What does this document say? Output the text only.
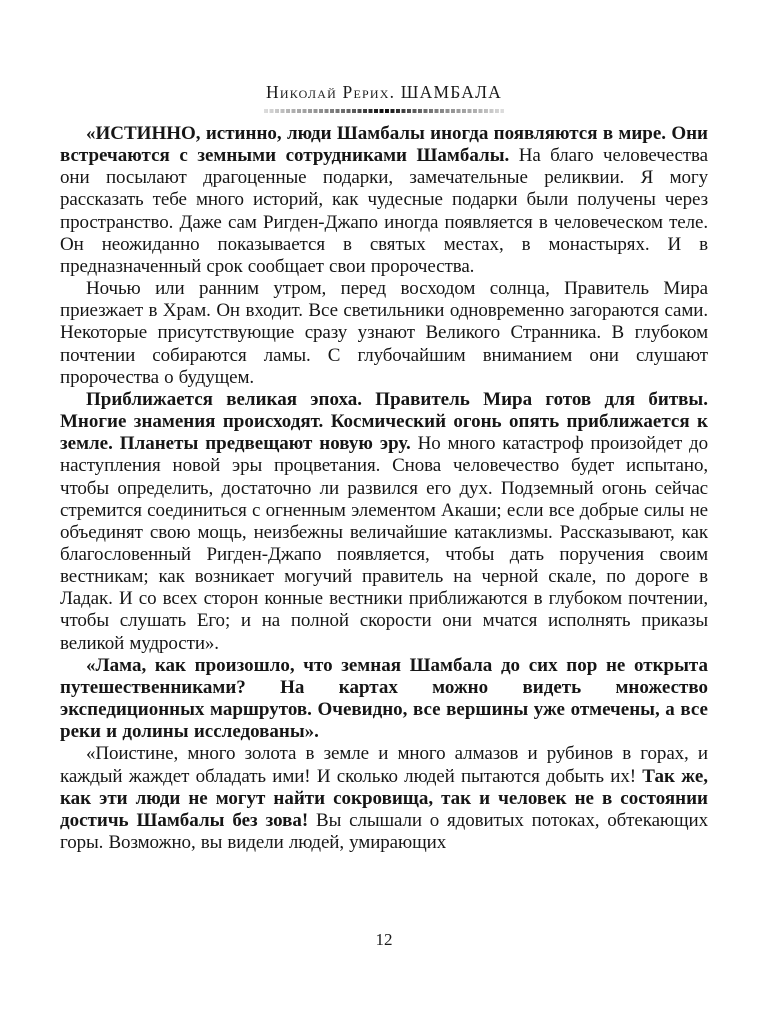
Николай Рерих. ШАМБАЛА

«ИСТИННО, истинно, люди Шамбалы иногда появляются в мире. Они встречаются с земными сотрудниками Шамбалы. На благо человечества они посылают драгоценные подарки, замечательные реликвии. Я могу рассказать тебе много историй, как чудесные подарки были получены через пространство. Даже сам Ригден-Джапо иногда появляется в человеческом теле. Он неожиданно показывается в святых местах, в монастырях. И в предназначенный срок сообщает свои пророчества.

Ночью или ранним утром, перед восходом солнца, Правитель Мира приезжает в Храм. Он входит. Все светильники одновременно загораются сами. Некоторые присутствующие сразу узнают Великого Странника. В глубоком почтении собираются ламы. С глубочайшим вниманием они слушают пророчества о будущем.

Приближается великая эпоха. Правитель Мира готов для битвы. Многие знамения происходят. Космический огонь опять приближается к земле. Планеты предвещают новую эру. Но много катастроф произойдет до наступления новой эры процветания. Снова человечество будет испытано, чтобы определить, достаточно ли развился его дух. Подземный огонь сейчас стремится соединиться с огненным элементом Акаши; если все добрые силы не объединят свою мощь, неизбежны величайшие катаклизмы. Рассказывают, как благословенный Ригден-Джапо появляется, чтобы дать поручения своим вестникам; как возникает могучий правитель на черной скале, по дороге в Ладак. И со всех сторон конные вестники приближаются в глубоком почтении, чтобы слушать Его; и на полной скорости они мчатся исполнять приказы великой мудрости».

«Лама, как произошло, что земная Шамбала до сих пор не открыта путешественниками? На картах можно видеть множество экспедиционных маршрутов. Очевидно, все вершины уже отмечены, а все реки и долины исследованы».

«Поистине, много золота в земле и много алмазов и рубинов в горах, и каждый жаждет обладать ими! И сколько людей пытаются добыть их! Так же, как эти люди не могут найти сокровища, так и человек не в состоянии достичь Шамбалы без зова! Вы слышали о ядовитых потоках, обтекающих горы. Возможно, вы видели людей, умирающих

12
